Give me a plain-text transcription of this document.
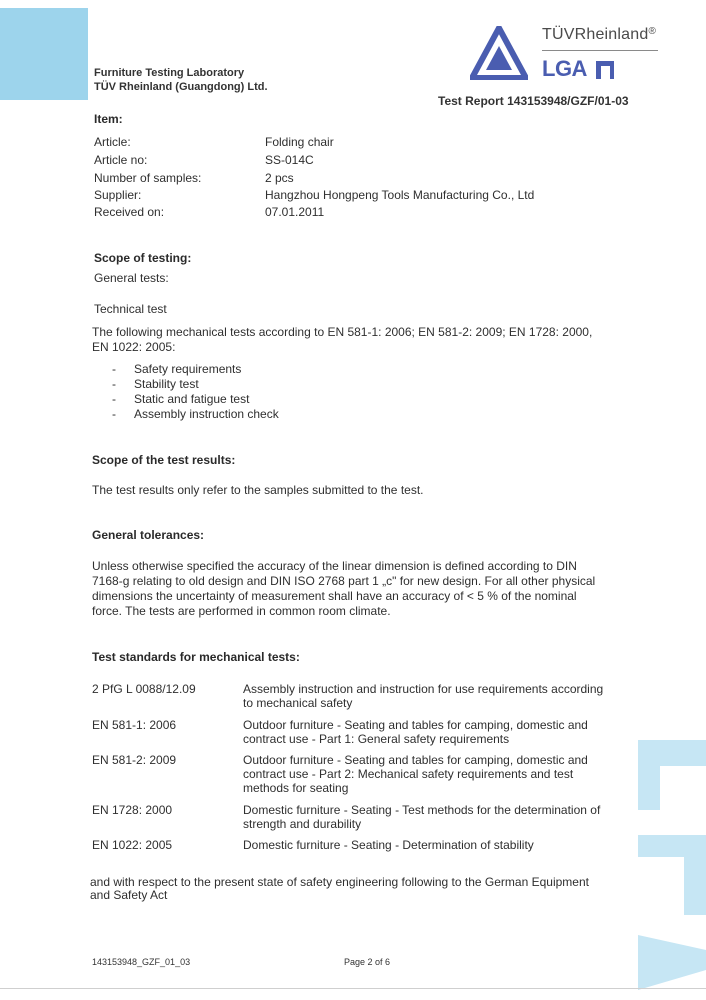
Furniture Testing Laboratory
TÜV Rheinland (Guangdong) Ltd.
TÜVRheinland®
LGA
Test Report 143153948/GZF/01-03
Item:
Article:	Folding chair
Article no:	SS-014C
Number of samples:	2 pcs
Supplier:	Hangzhou Hongpeng Tools Manufacturing Co., Ltd
Received on:	07.01.2011
Scope of testing:
General tests:
Technical test
The following mechanical tests according to EN 581-1: 2006; EN 581-2: 2009; EN 1728: 2000,
EN 1022: 2005:
- Safety requirements
- Stability test
- Static and fatigue test
- Assembly instruction check
Scope of the test results:
The test results only refer to the samples submitted to the test.
General tolerances:
Unless otherwise specified the accuracy of the linear dimension is defined according to DIN
7168-g relating to old design and DIN ISO 2768 part 1 „c" for new design. For all other physical
dimensions the uncertainty of measurement shall have an accuracy of < 5 % of the nominal
force. The tests are performed in common room climate.
Test standards for mechanical tests:
2 PfG L 0088/12.09	Assembly instruction and instruction for use requirements according
to mechanical safety
EN 581-1: 2006	Outdoor furniture - Seating and tables for camping, domestic and
contract use - Part 1: General safety requirements
EN 581-2: 2009	Outdoor furniture - Seating and tables for camping, domestic and
contract use - Part 2: Mechanical safety requirements and test
methods for seating
EN 1728: 2000	Domestic furniture - Seating - Test methods for the determination of
strength and durability
EN 1022: 2005	Domestic furniture - Seating - Determination of stability
and with respect to the present state of safety engineering following to the German Equipment
and Safety Act
143153948_GZF_01_03	Page 2 of 6
